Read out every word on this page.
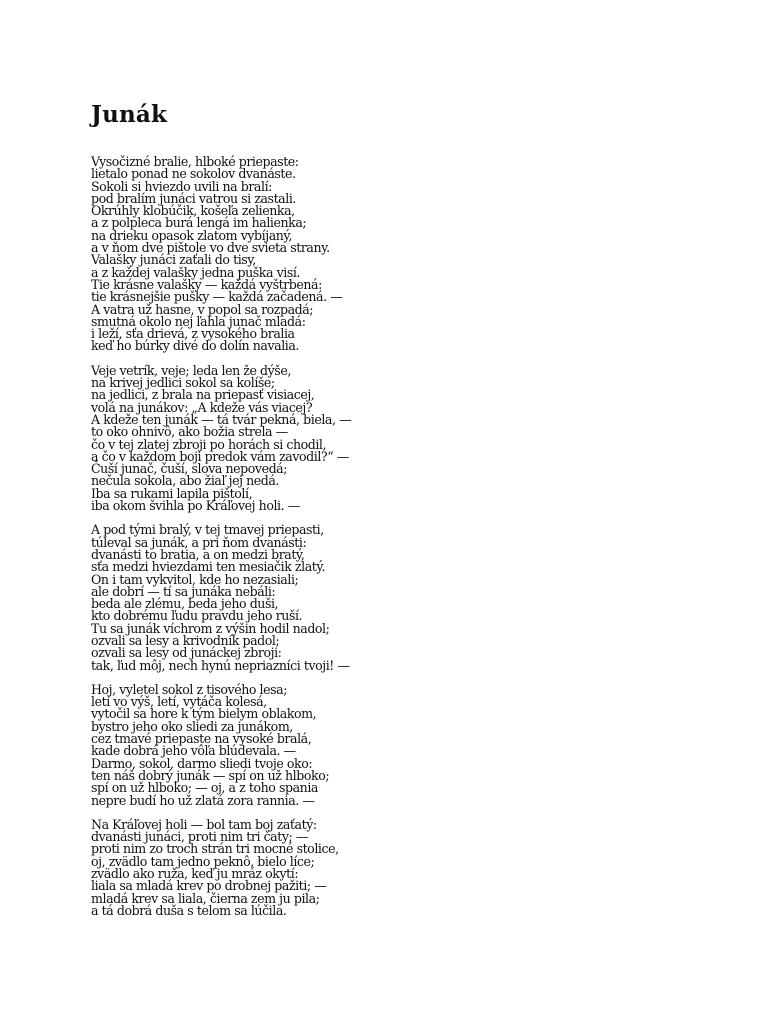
Junák
Vysočizné bralie, hlboké priepaste:
lietalo ponad ne sokolov dvanáste.
Sokoli si hviezdo uvili na bralí:
pod bralím junáci vatrou si zastali.
Okrúhly klobúčik, košeľa zelienka,
a z polpleca burá lengá im halienka;
na drieku opasok zlatom vybíjaný,
a v ňom dve pištole vo dve svieta strany.
Valašky junáci zaťali do tisy,
a z každej valašky jedna puška visí.
Tie krásne valašky — každá vyštrbená:
tie krásnejšie pušky — každá začadená. —
A vatra už hasne, v popol sa rozpadá;
smutná okolo nej ľahla junač mladá:
i leží, sťa drievá, z vysokého bralia
keď ho búrky divé do dolín navalia.
Veje vetrík, veje; leda len že dýše,
na krivej jedlici sokol sa kolíše;
na jedlici, z brala na priepasť visiacej,
volá na junákov: „A kdeže vás viacej?
A kdeže ten junák — tá tvár pekná, biela, —
to oko ohnivô, ako božia strela —
čo v tej zlatej zbroji po horách si chodil,
a čo v každom boji predok vám zavodil?“ —
Čuší junač, čuší, slova nepovedá;
nečula sokola, abo žiaľ jej nedá.
Iba sa rukami lapila pištolí,
iba okom švihla po Kráľovej holi. —
A pod tými bralý, v tej tmavej priepasti,
túleval sa junák, a pri ňom dvanásti:
dvanásti to bratia, a on medzi bratý,
sťa medzi hviezdami ten mesiačik zlatý.
On i tam vykvitol, kde ho nezasiali;
ale dobrí — tí sa junáka nebáli:
beda ale zlému, beda jeho duši,
kto dobrému ľudu pravdu jeho ruší.
Tu sa junák víchrom z výšin hodil nadol;
ozvali sa lesy a krivodník padol;
ozvali sa lesy od junáckej zbroji:
tak, ľud môj, nech hynú nepriazníci tvoji! —
Hoj, vyletel sokol z tisového lesa;
letí vo výš, letí, vytáča kolesá,
vytočil sa hore k tým bielym oblakom,
bystro jeho oko sliedi za junákom,
cez tmavé priepaste na vysoké bralá,
kade dobrá jeho vôľa blúdevala. —
Darmo, sokol, darmo sliedi tvoje oko:
ten náš dobrý junák — spí on už hlboko;
spí on už hlboko; — oj, a z toho spania
nepre budí ho už zlatá zora rannia. —
Na Kráľovej holi — bol tam boj zaťatý:
dvanásti junáci, proti nim tri čaty; —
proti nim zo troch strán tri mocné stolice,
oj, zvädlo tam jedno peknô, bielo líce;
zvädlo ako ruža, keď ju mráz okytí:
liala sa mladá krev po drobnej pažiti; —
mladá krev sa liala, čierna zem ju pila;
a tá dobrá duša s telom sa lúčila.
